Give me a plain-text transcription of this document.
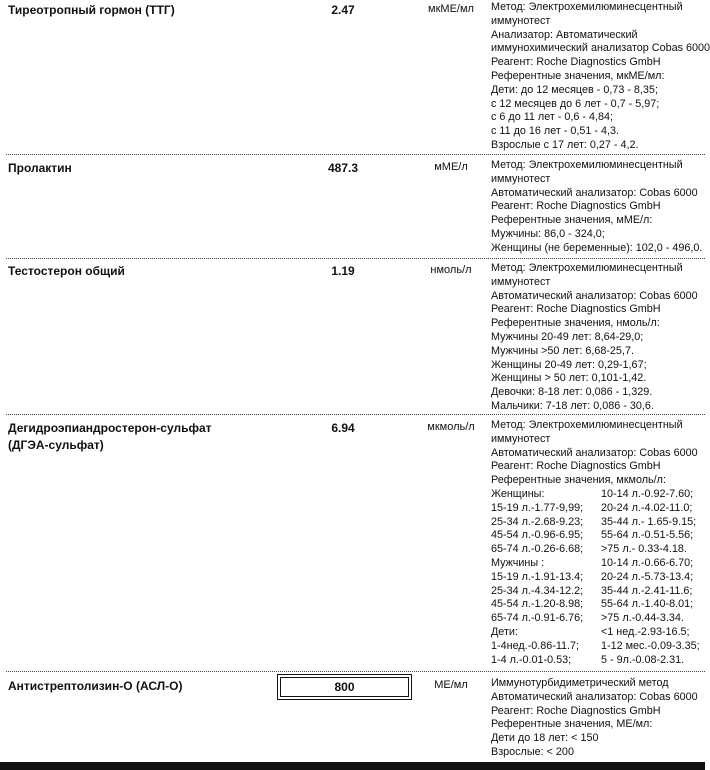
Тиреотропный гормон (ТТГ)	2.47	мкМЕ/мл	Метод: Электрохемилюминесцентный
иммунотест
Анализатор: Автоматический
иммунохимический анализатор Cobas 6000
Реагент: Roche Diagnostics GmbH
Референтные значения, мкМЕ/мл:
Дети: до 12 месяцев - 0,73 - 8,35;
с 12 месяцев до 6 лет - 0,7 - 5,97;
с 6 до 11 лет - 0,6 - 4,84;
с 11 до 16 лет - 0,51 - 4,3.
Взрослые с 17 лет: 0,27 - 4,2.
Пролактин	487.3	мМЕ/л	Метод: Электрохемилюминесцентный
иммунотест
Автоматический анализатор: Cobas 6000
Реагент: Roche Diagnostics GmbH
Референтные значения, мМЕ/л:
Мужчины: 86,0 - 324,0;
Женщины (не беременные): 102,0 - 496,0.
Тестостерон общий	1.19	нмоль/л	Метод: Электрохемилюминесцентный
иммунотест
Автоматический анализатор: Cobas 6000
Реагент: Roche Diagnostics GmbH
Референтные значения, нмоль/л:
Мужчины 20-49 лет: 8,64-29,0;
Мужчины >50 лет: 6,68-25,7.
Женщины 20-49 лет: 0,29-1,67;
Женщины > 50 лет: 0,101-1,42.
Девочки: 8-18 лет: 0,086 - 1,329.
Мальчики: 7-18 лет: 0,086 - 30,6.
Дегидроэпиандростерон-сульфат
(ДГЭА-сульфат)
6.94	мкмоль/л	Метод: Электрохемилюминесцентный
иммунотест
Автоматический анализатор: Cobas 6000
Реагент: Roche Diagnostics GmbH
Референтные значения, мкмоль/л:
Женщины:	10-14 л.-0.92-7.60;
15-19 л.-1.77-9,99;	20-24 л.-4.02-11.0;
25-34 л.-2.68-9.23;	35-44 л.- 1.65-9.15;
45-54 л.-0.96-6.95;	55-64 л.-0.51-5.56;
65-74 л.-0.26-6.68;	>75 л.- 0.33-4.18.
Мужчины :	10-14 л.-0.66-6.70;
15-19 л.-1.91-13.4;	20-24 л.-5.73-13.4;
25-34 л.-4.34-12.2;	35-44 л.-2.41-11.6;
45-54 л.-1.20-8.98;	55-64 л.-1.40-8.01;
65-74 л.-0.91-6.76;	>75 л.-0.44-3.34.
Дети:	<1 нед.-2.93-16.5;
1-4нед.-0.86-11.7;	1-12 мес.-0.09-3.35;
1-4 л.-0.01-0.53;	5 - 9л.-0.08-2.31.
Антистрептолизин-О (АСЛ-О)	800	МЕ/мл	Иммунотурбидиметрический метод
Автоматический анализатор: Cobas 6000
Реагент: Roche Diagnostics GmbH
Референтные значения, МЕ/мл:
Дети до 18 лет: < 150
Взрослые: < 200
